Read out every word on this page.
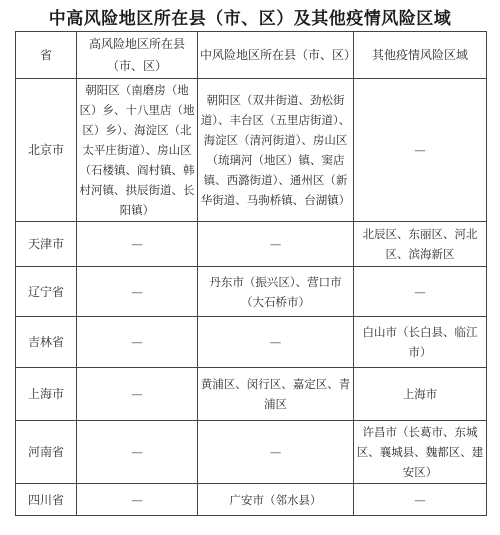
中高风险地区所在县（市、区）及其他疫情风险区域
省	高风险地区所在县（市、区）	中风险地区所在县（市、区）	其他疫情风险区域
北京市	朝阳区（南磨房（地区）乡、十八里店（地区）乡）、海淀区（北太平庄街道）、房山区（石楼镇、阎村镇、韩村河镇、拱辰街道、长阳镇）	朝阳区（双井街道、劲松街道）、丰台区（五里店街道）、海淀区（清河街道）、房山区（琉璃河（地区）镇、窦店镇、西潞街道）、通州区（新华街道、马驹桥镇、台湖镇）	—
天津市	—	—	北辰区、东丽区、河北区、滨海新区
辽宁省	—	丹东市（振兴区）、营口市（大石桥市）	—
吉林省	—	—	白山市（长白县、临江市）
上海市	—	黄浦区、闵行区、嘉定区、青浦区	上海市
河南省	—	—	许昌市（长葛市、东城区、襄城县、魏都区、建安区）
四川省	—	广安市（邻水县）	—
